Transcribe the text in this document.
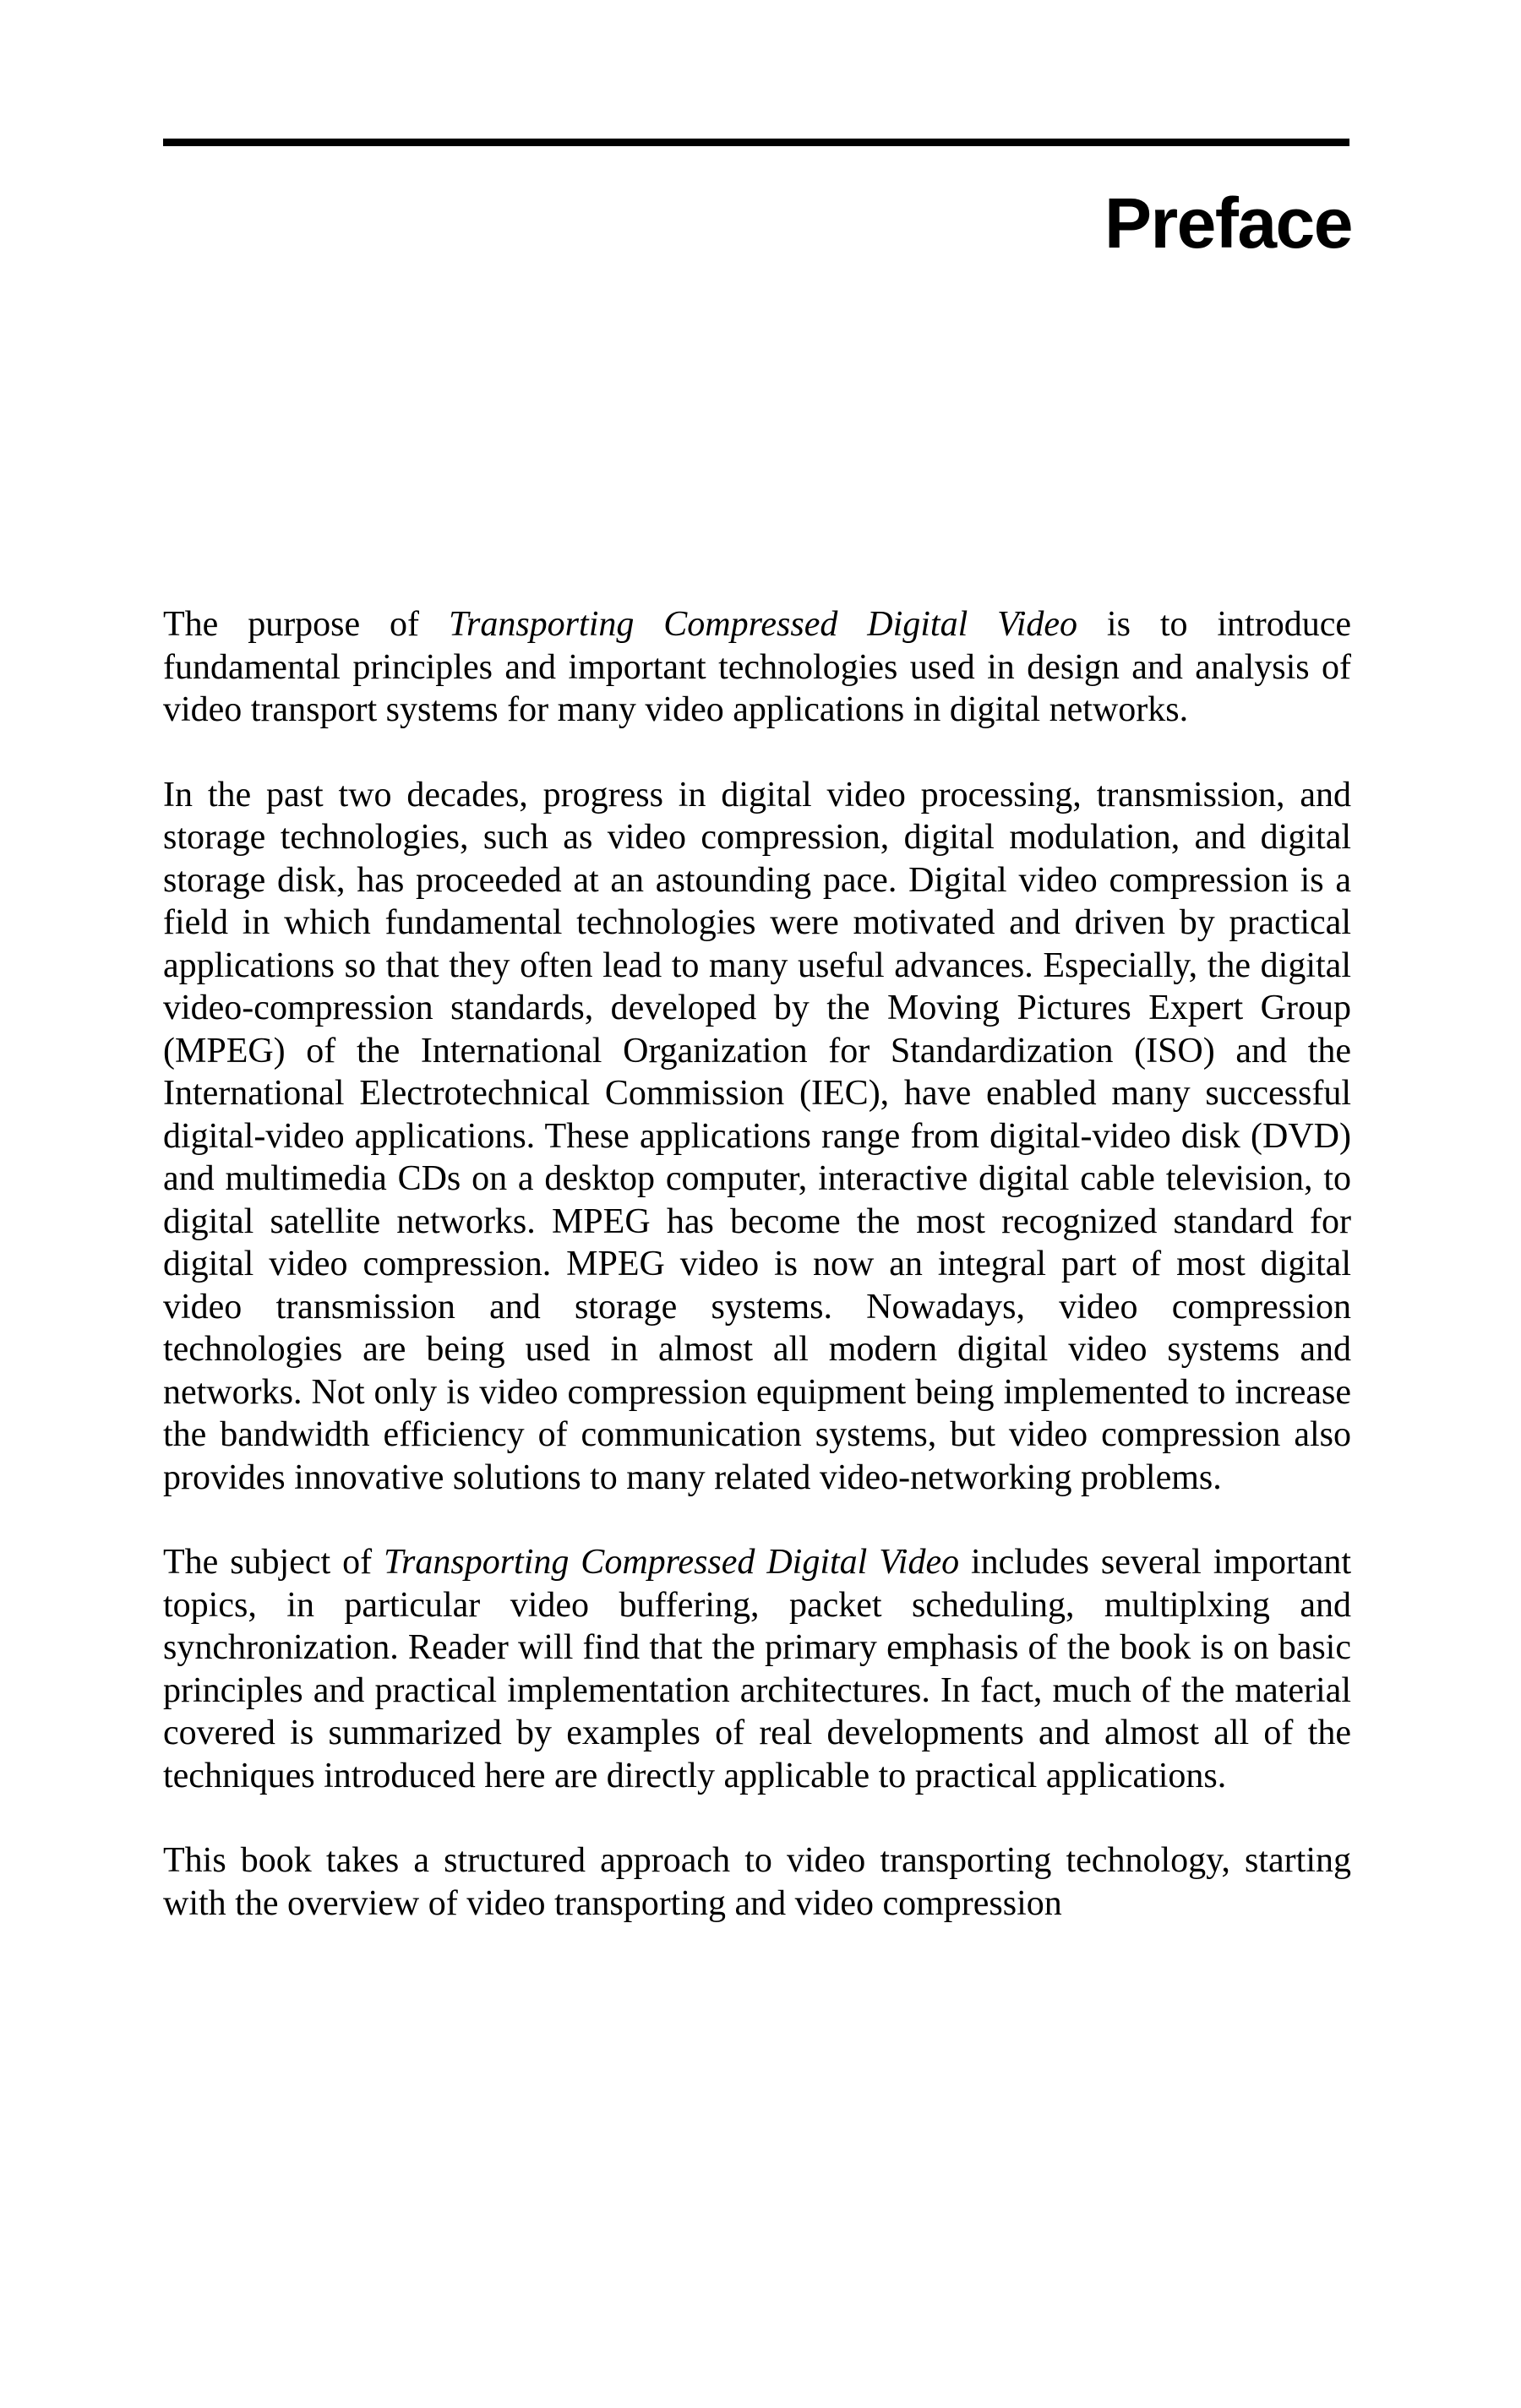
Preface

The purpose of Transporting Compressed Digital Video is to introduce fundamental principles and important technologies used in design and analysis of video transport systems for many video applications in digital networks.

In the past two decades, progress in digital video processing, transmission, and storage technologies, such as video compression, digital modulation, and digital storage disk, has proceeded at an astounding pace. Digital video compression is a field in which fundamental technologies were motivated and driven by practical applications so that they often lead to many useful advances. Especially, the digital video-compression standards, developed by the Moving Pictures Expert Group (MPEG) of the International Organization for Standardization (ISO) and the International Electrotechnical Commission (IEC), have enabled many successful digital-video applications. These applications range from digital-video disk (DVD) and multimedia CDs on a desktop computer, interactive digital cable television, to digital satellite networks. MPEG has become the most recognized standard for digital video compression. MPEG video is now an integral part of most digital video transmission and storage systems. Nowadays, video compression technologies are being used in almost all modern digital video systems and networks. Not only is video compression equipment being implemented to increase the bandwidth efficiency of communication systems, but video compression also provides innovative solutions to many related video-networking problems.

The subject of Transporting Compressed Digital Video includes several important topics, in particular video buffering, packet scheduling, multiplxing and synchronization. Reader will find that the primary emphasis of the book is on basic principles and practical implementation architectures. In fact, much of the material covered is summarized by examples of real developments and almost all of the techniques introduced here are directly applicable to practical applications.

This book takes a structured approach to video transporting technology, starting with the overview of video transporting and video compression
